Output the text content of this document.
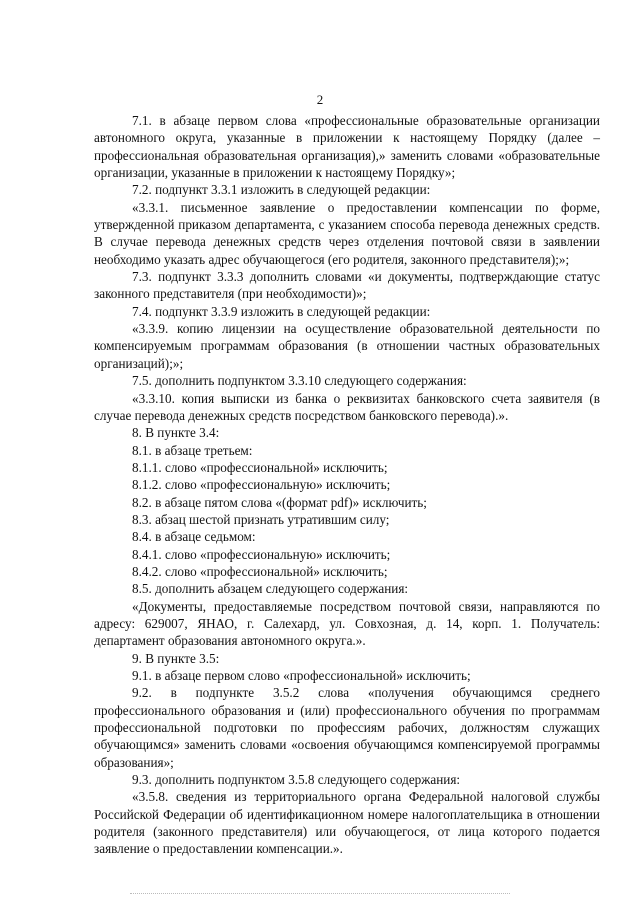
2

7.1. в абзаце первом слова «профессиональные образовательные организации автономного округа, указанные в приложении к настоящему Порядку (далее – профессиональная образовательная организация),» заменить словами «образовательные организации, указанные в приложении к настоящему Порядку»;

7.2. подпункт 3.3.1 изложить в следующей редакции:

«3.3.1. письменное заявление о предоставлении компенсации по форме, утвержденной приказом департамента, с указанием способа перевода денежных средств. В случае перевода денежных средств через отделения почтовой связи в заявлении необходимо указать адрес обучающегося (его родителя, законного представителя);»;

7.3. подпункт 3.3.3 дополнить словами «и документы, подтверждающие статус законного представителя (при необходимости)»;

7.4. подпункт 3.3.9 изложить в следующей редакции:

«3.3.9. копию лицензии на осуществление образовательной деятельности по компенсируемым программам образования (в отношении частных образовательных организаций);»;

7.5. дополнить подпунктом 3.3.10 следующего содержания:

«3.3.10. копия выписки из банка о реквизитах банковского счета заявителя (в случае перевода денежных средств посредством банковского перевода).».

8. В пункте 3.4:

8.1. в абзаце третьем:

8.1.1. слово «профессиональной» исключить;

8.1.2. слово «профессиональную» исключить;

8.2. в абзаце пятом слова «(формат pdf)» исключить;

8.3. абзац шестой признать утратившим силу;

8.4. в абзаце седьмом:

8.4.1. слово «профессиональную» исключить;

8.4.2. слово «профессиональной» исключить;

8.5. дополнить абзацем следующего содержания:

«Документы, предоставляемые посредством почтовой связи, направляются по адресу: 629007, ЯНАО, г. Салехард, ул. Совхозная, д. 14, корп. 1. Получатель: департамент образования автономного округа.».

9. В пункте 3.5:

9.1. в абзаце первом слово «профессиональной» исключить;

9.2. в подпункте 3.5.2 слова «получения обучающимся среднего профессионального образования и (или) профессионального обучения по программам профессиональной подготовки по профессиям рабочих, должностям служащих обучающимся» заменить словами «освоения обучающимся компенсируемой программы образования»;

9.3. дополнить подпунктом 3.5.8 следующего содержания:

«3.5.8. сведения из территориального органа Федеральной налоговой службы Российской Федерации об идентификационном номере налогоплательщика в отношении родителя (законного представителя) или обучающегося, от лица которого подается заявление о предоставлении компенсации.».
